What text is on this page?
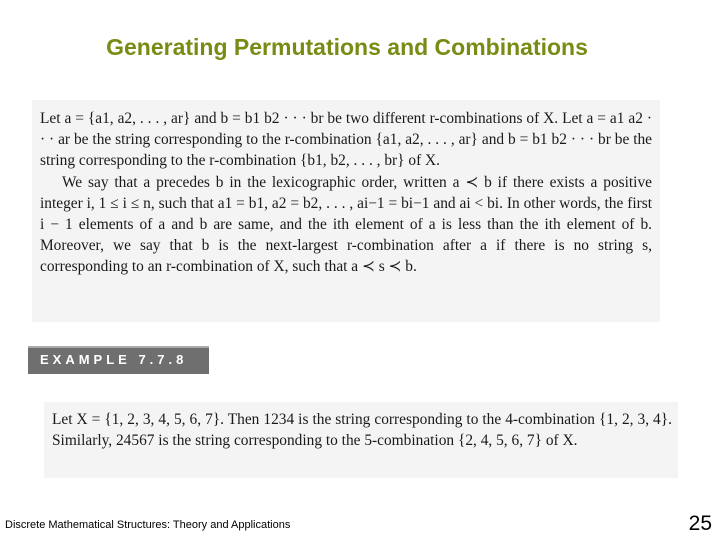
Generating Permutations and Combinations

Let a = {a1, a2, . . . , ar} and b = b1 b2 · · · br be two different r-combinations of X. Let a = a1 a2 · · · ar be the string corresponding to the r-combination {a1, a2, . . . , ar} and b = b1 b2 · · · br be the string corresponding to the r-combination {b1, b2, . . . , br} of X.

We say that a precedes b in the lexicographic order, written a ≺ b if there exists a positive integer i, 1 ≤ i ≤ n, such that a1 = b1, a2 = b2, . . . , ai−1 = bi−1 and ai < bi. In other words, the first i − 1 elements of a and b are same, and the ith element of a is less than the ith element of b. Moreover, we say that b is the next-largest r-combination after a if there is no string s, corresponding to an r-combination of X, such that a ≺ s ≺ b.

EXAMPLE 7.7.8
Let X = {1, 2, 3, 4, 5, 6, 7}. Then 1234 is the string corresponding to the 4-combination {1, 2, 3, 4}. Similarly, 24567 is the string corresponding to the 5-combination {2, 4, 5, 6, 7} of X.
Discrete Mathematical Structures: Theory and Applications	25
